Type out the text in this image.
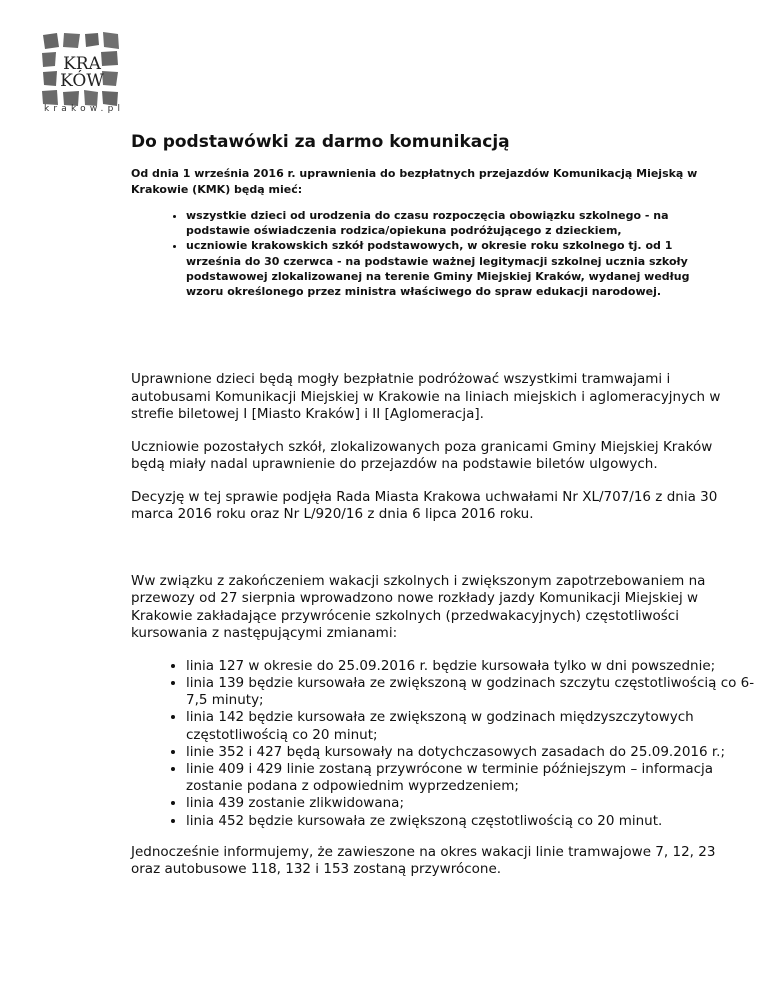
KRA
KÓW
krakow.pl
Do podstawówki za darmo komunikacją

Od dnia 1 września 2016 r. uprawnienia do bezpłatnych przejazdów Komunikacją Miejską w Krakowie (KMK) będą mieć:

• wszystkie dzieci od urodzenia do czasu rozpoczęcia obowiązku szkolnego - na podstawie oświadczenia rodzica/opiekuna podróżującego z dzieckiem,
• uczniowie krakowskich szkół podstawowych, w okresie roku szkolnego tj. od 1 września do 30 czerwca - na podstawie ważnej legitymacji szkolnej ucznia szkoły podstawowej zlokalizowanej na terenie Gminy Miejskiej Kraków, wydanej według wzoru określonego przez ministra właściwego do spraw edukacji narodowej.

Uprawnione dzieci będą mogły bezpłatnie podróżować wszystkimi tramwajami i autobusami Komunikacji Miejskiej w Krakowie na liniach miejskich i aglomeracyjnych w strefie biletowej I [Miasto Kraków] i II [Aglomeracja].

Uczniowie pozostałych szkół, zlokalizowanych poza granicami Gminy Miejskiej Kraków będą miały nadal uprawnienie do przejazdów na podstawie biletów ulgowych.

Decyzję w tej sprawie podjęła Rada Miasta Krakowa uchwałami Nr XL/707/16 z dnia 30 marca 2016 roku oraz Nr L/920/16 z dnia 6 lipca 2016 roku.

Ww związku z zakończeniem wakacji szkolnych i zwiększonym zapotrzebowaniem na przewozy od 27 sierpnia wprowadzono nowe rozkłady jazdy Komunikacji Miejskiej w Krakowie zakładające przywrócenie szkolnych (przedwakacyjnych) częstotliwości kursowania z następującymi zmianami:

• linia 127 w okresie do 25.09.2016 r. będzie kursowała tylko w dni powszednie;
• linia 139 będzie kursowała ze zwiększoną w godzinach szczytu częstotliwością co 6-7,5 minuty;
• linia 142 będzie kursowała ze zwiększoną w godzinach międzyszczytowych częstotliwością co 20 minut;
• linie 352 i 427 będą kursowały na dotychczasowych zasadach do 25.09.2016 r.;
• linie 409 i 429 linie zostaną przywrócone w terminie późniejszym – informacja zostanie podana z odpowiednim wyprzedzeniem;
• linia 439 zostanie zlikwidowana;
• linia 452 będzie kursowała ze zwiększoną częstotliwością co 20 minut.

Jednocześnie informujemy, że zawieszone na okres wakacji linie tramwajowe 7, 12, 23 oraz autobusowe 118, 132 i 153 zostaną przywrócone.
